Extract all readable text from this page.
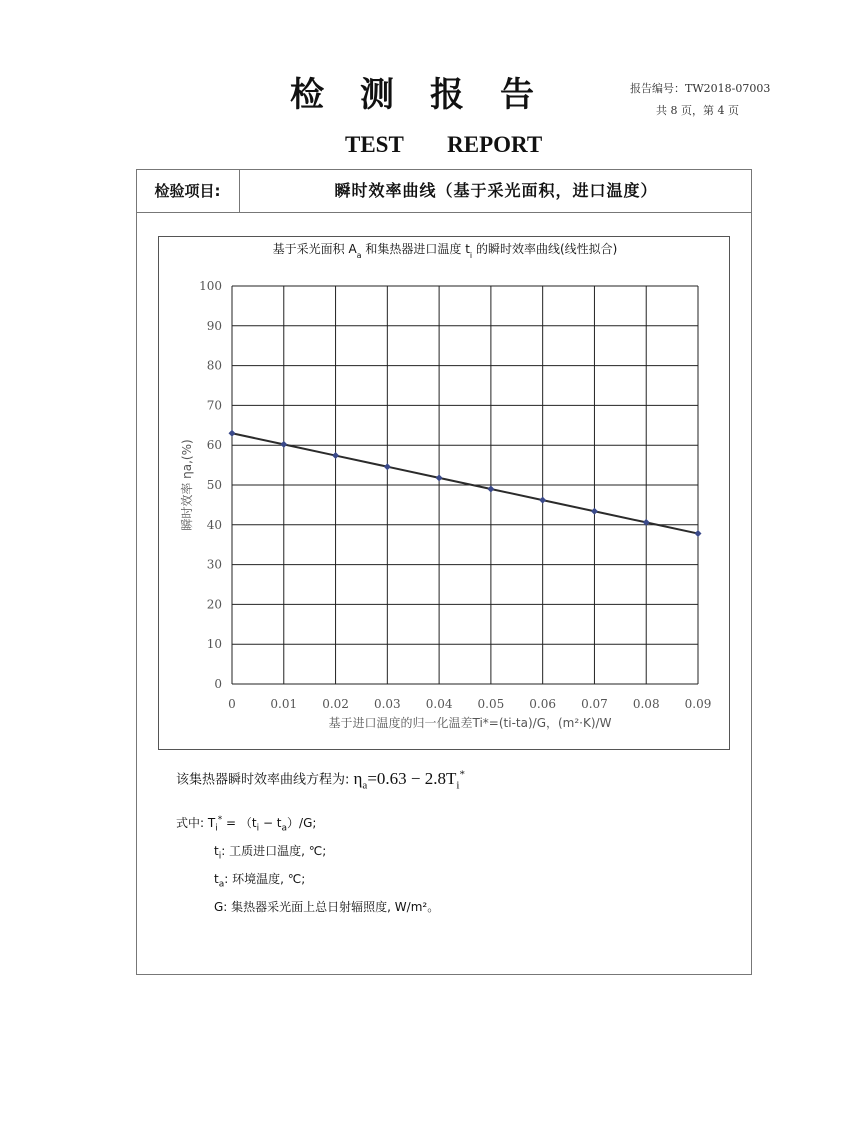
检测报告	报告编号：TW2018-07003
共 8 页，第 4 页
TEST REPORT
检验项目:	瞬时效率曲线（基于采光面积，进口温度）
基于采光面积 $A_a$ 和集热器进口温度 $t_i$ 的瞬时效率曲线(线性拟合)
0
10
20
30
40
50
60
70
80
90
100
0	0.01 0.02 0.03 0.04 0.05 0.06 0.07 0.08 0.09
基于进口温度的归一化温差Ti*=(ti-ta)/G，(m²·K)/W
瞬时效率 ηa,(%)
该集热器瞬时效率曲线方程为: $\eta_a=0.63 - 2.8T_i^*$
式中: $T_i^* = (t_i - t_a)/G$;
$t_i$: 工质进口温度, ℃;
$t_a$: 环境温度, ℃;
G: 集热器采光面上总日射辐照度, W/m²。
